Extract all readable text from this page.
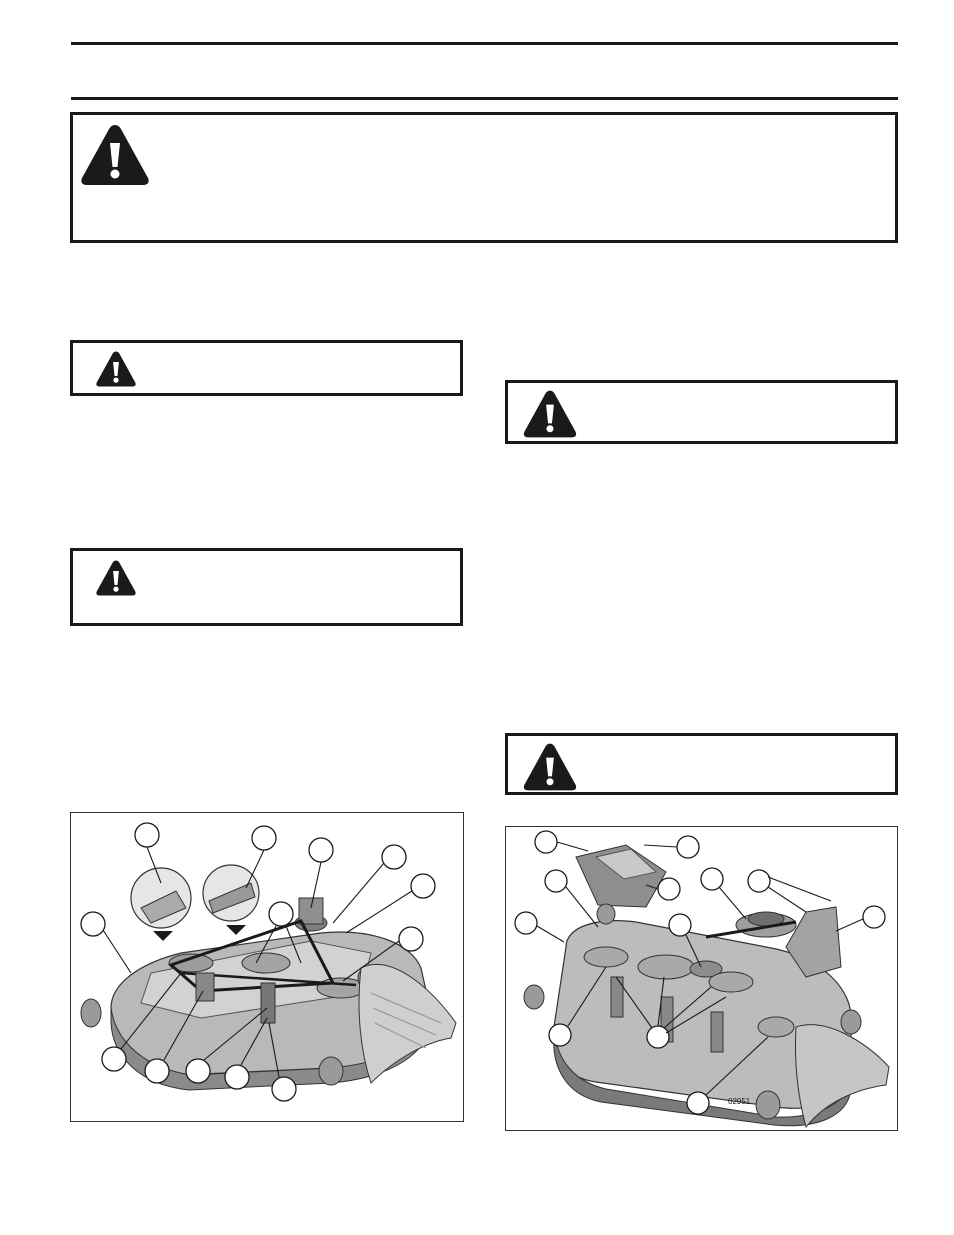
02951
